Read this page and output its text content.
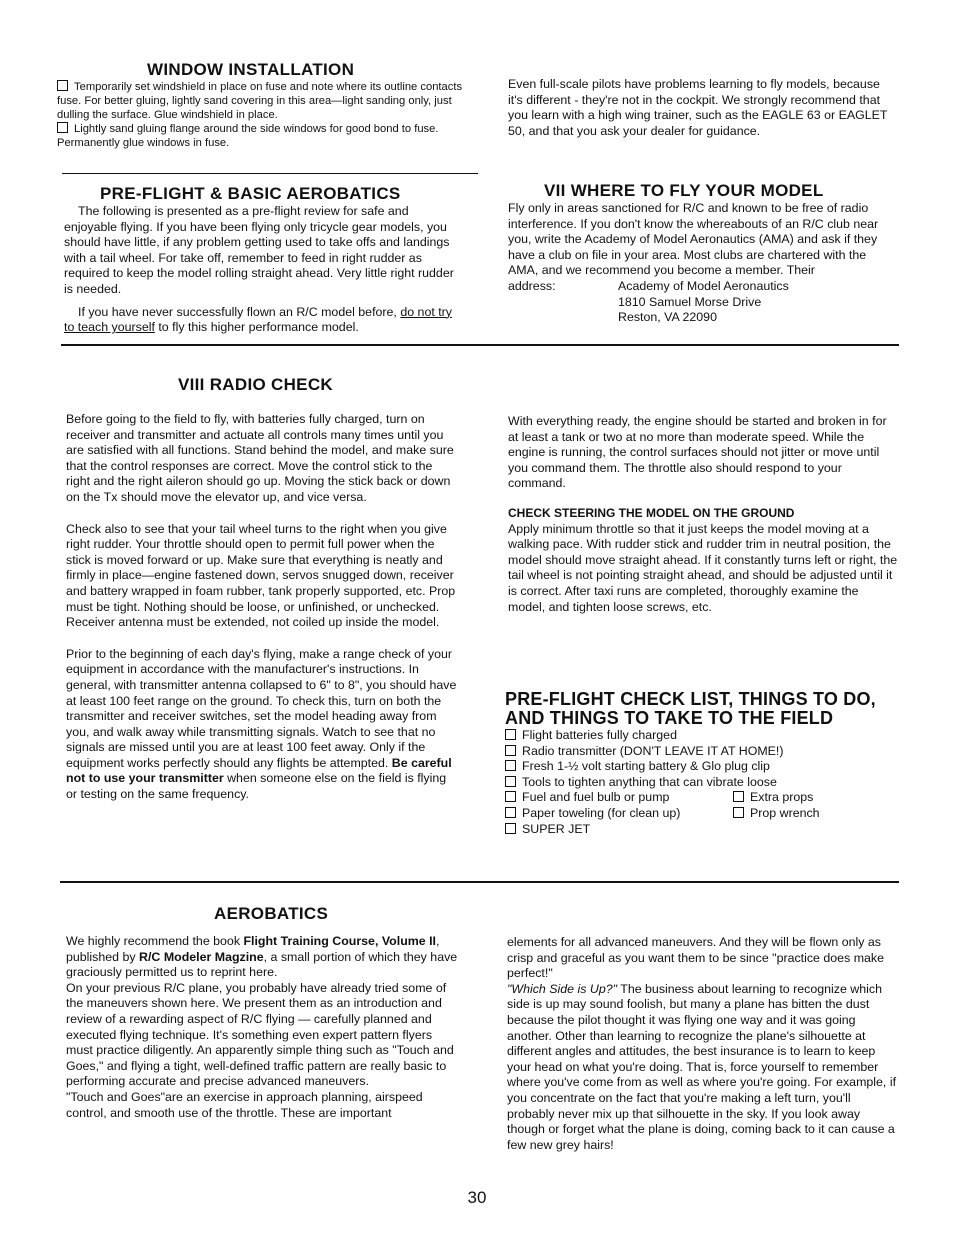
WINDOW INSTALLATION

Temporarily set windshield in place on fuse and note where its outline contacts fuse. For better gluing, lightly sand covering in this area—light sanding only, just dulling the surface. Glue windshield in place.

Lightly sand gluing flange around the side windows for good bond to fuse. Permanently glue windows in fuse.

PRE-FLIGHT & BASIC AEROBATICS

The following is presented as a pre-flight review for safe and enjoyable flying. If you have been flying only tricycle gear models, you should have little, if any problem getting used to take offs and landings with a tail wheel. For take off, remember to feed in right rudder as required to keep the model rolling straight ahead. Very little right rudder is needed.

If you have never successfully flown an R/C model before, do not try to teach yourself to fly this higher performance model.

Even full-scale pilots have problems learning to fly models, because it's different - they're not in the cockpit. We strongly recommend that you learn with a high wing trainer, such as the EAGLE 63 or EAGLET 50, and that you ask your dealer for guidance.

VII WHERE TO FLY YOUR MODEL

Fly only in areas sanctioned for R/C and known to be free of radio interference. If you don't know the whereabouts of an R/C club near you, write the Academy of Model Aeronautics (AMA) and ask if they have a club on file in your area. Most clubs are chartered with the AMA, and we recommend you become a member. Their

address:	Academy of Model Aeronautics
1810 Samuel Morse Drive
Reston, VA 22090

VIII RADIO CHECK

Before going to the field to fly, with batteries fully charged, turn on receiver and transmitter and actuate all controls many times until you are satisfied with all functions. Stand behind the model, and make sure that the control responses are correct. Move the control stick to the right and the right aileron should go up. Moving the stick back or down on the Tx should move the elevator up, and vice versa.

Check also to see that your tail wheel turns to the right when you give right rudder. Your throttle should open to permit full power when the stick is moved forward or up. Make sure that everything is neatly and firmly in place—engine fastened down, servos snugged down, receiver and battery wrapped in foam rubber, tank properly supported, etc. Prop must be tight. Nothing should be loose, or unfinished, or unchecked. Receiver antenna must be extended, not coiled up inside the model.

Prior to the beginning of each day's flying, make a range check of your equipment in accordance with the manufacturer's instructions. In general, with transmitter antenna collapsed to 6" to 8", you should have at least 100 feet range on the ground. To check this, turn on both the transmitter and receiver switches, set the model heading away from you, and walk away while transmitting signals. Watch to see that no signals are missed until you are at least 100 feet away. Only if the equipment works perfectly should any flights be attempted. Be careful not to use your transmitter when someone else on the field is flying or testing on the same frequency.

With everything ready, the engine should be started and broken in for at least a tank or two at no more than moderate speed. While the engine is running, the control surfaces should not jitter or move until you command them. The throttle also should respond to your command.

CHECK STEERING THE MODEL ON THE GROUND

Apply minimum throttle so that it just keeps the model moving at a walking pace. With rudder stick and rudder trim in neutral position, the model should move straight ahead. If it constantly turns left or right, the tail wheel is not pointing straight ahead, and should be adjusted until it is correct. After taxi runs are completed, thoroughly examine the model, and tighten loose screws, etc.

PRE-FLIGHT CHECK LIST, THINGS TO DO,

AND THINGS TO TAKE TO THE FIELD

Flight batteries fully charged
Radio transmitter (DON'T LEAVE IT AT HOME!)
Fresh 1-½ volt starting battery & Glo plug clip
Tools to tighten anything that can vibrate loose
Fuel and fuel bulb or pump	Extra props
Paper toweling (for clean up)	Prop wrench
SUPER JET

AEROBATICS

We highly recommend the book Flight Training Course, Volume II, published by R/C Modeler Magzine, a small portion of which they have graciously permitted us to reprint here.

On your previous R/C plane, you probably have already tried some of the maneuvers shown here. We present them as an introduction and review of a rewarding aspect of R/C flying — carefully planned and executed flying technique. It's something even expert pattern flyers must practice diligently. An apparently simple thing such as "Touch and Goes," and flying a tight, well-defined traffic pattern are really basic to performing accurate and precise advanced maneuvers.

"Touch and Goes"are an exercise in approach planning, airspeed control, and smooth use of the throttle. These are important

elements for all advanced maneuvers. And they will be flown only as crisp and graceful as you want them to be since "practice does make perfect!"

"Which Side is Up?" The business about learning to recognize which side is up may sound foolish, but many a plane has bitten the dust because the pilot thought it was flying one way and it was going another. Other than learning to recognize the plane's silhouette at different angles and attitudes, the best insurance is to learn to keep your head on what you're doing. That is, force yourself to remember where you've come from as well as where you're going. For example, if you concentrate on the fact that you're making a left turn, you'll probably never mix up that silhouette in the sky. If you look away though or forget what the plane is doing, coming back to it can cause a few new grey hairs!

30
